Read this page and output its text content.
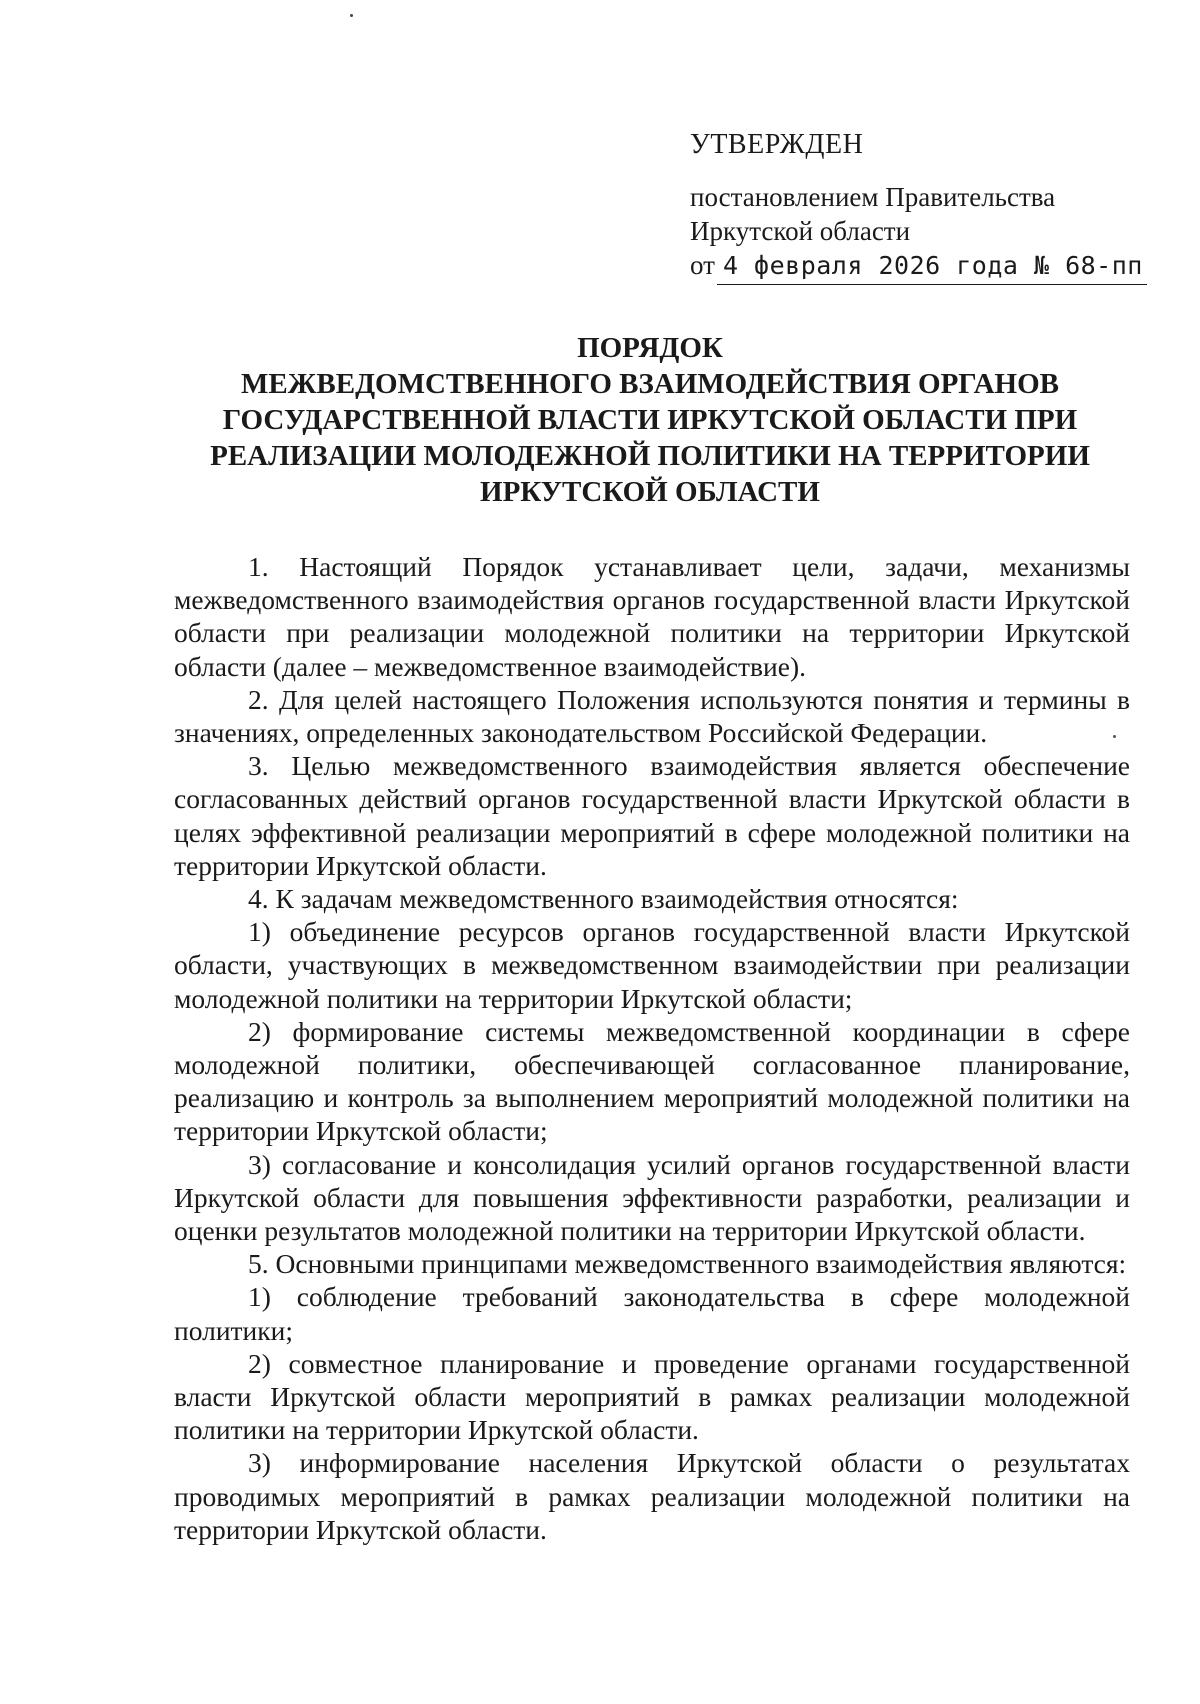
УТВЕРЖДЕН
постановлением Правительства
Иркутской области
от 4 февраля 2026 года № 68-пп
ПОРЯДОК
МЕЖВЕДОМСТВЕННОГО ВЗАИМОДЕЙСТВИЯ ОРГАНОВ
ГОСУДАРСТВЕННОЙ ВЛАСТИ ИРКУТСКОЙ ОБЛАСТИ ПРИ
РЕАЛИЗАЦИИ МОЛОДЕЖНОЙ ПОЛИТИКИ НА ТЕРРИТОРИИ
ИРКУТСКОЙ ОБЛАСТИ

1. Настоящий Порядок устанавливает цели, задачи, механизмы межведомственного взаимодействия органов государственной власти Иркутской области при реализации молодежной политики на территории Иркутской области (далее – межведомственное взаимодействие).

2. Для целей настоящего Положения используются понятия и термины в значениях, определенных законодательством Российской Федерации.

3. Целью межведомственного взаимодействия является обеспечение согласованных действий органов государственной власти Иркутской области в целях эффективной реализации мероприятий в сфере молодежной политики на территории Иркутской области.

4. К задачам межведомственного взаимодействия относятся:

1) объединение ресурсов органов государственной власти Иркутской области, участвующих в межведомственном взаимодействии при реализации молодежной политики на территории Иркутской области;

2) формирование системы межведомственной координации в сфере молодежной политики, обеспечивающей согласованное планирование, реализацию и контроль за выполнением мероприятий молодежной политики на территории Иркутской области;

3) согласование и консолидация усилий органов государственной власти Иркутской области для повышения эффективности разработки, реализации и оценки результатов молодежной политики на территории Иркутской области.

5. Основными принципами межведомственного взаимодействия являются:

1) соблюдение требований законодательства в сфере молодежной политики;

2) совместное планирование и проведение органами государственной власти Иркутской области мероприятий в рамках реализации молодежной политики на территории Иркутской области.

3) информирование населения Иркутской области о результатах проводимых мероприятий в рамках реализации молодежной политики на территории Иркутской области.
